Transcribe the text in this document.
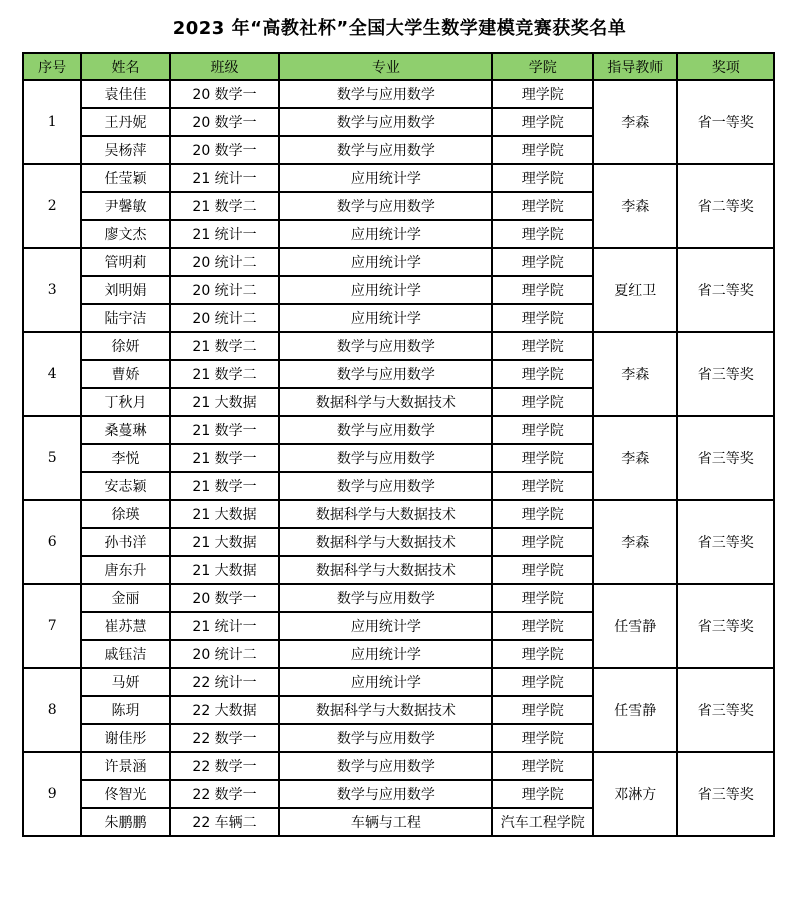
2023 年“高教社杯”全国大学生数学建模竞赛获奖名单
序号	姓名	班级	专业	学院	指导教师	奖项
1	袁佳佳	20 数学一	数学与应用数学	理学院	李森	省一等奖
	王丹妮	20 数学一	数学与应用数学	理学院		
	吴杨萍	20 数学一	数学与应用数学	理学院		
2	任莹颖	21 统计一	应用统计学	理学院	李森	省二等奖
	尹馨敏	21 数学二	数学与应用数学	理学院		
	廖文杰	21 统计一	应用统计学	理学院		
3	管明莉	20 统计二	应用统计学	理学院	夏红卫	省二等奖
	刘明娟	20 统计二	应用统计学	理学院		
	陆宇洁	20 统计二	应用统计学	理学院		
4	徐妍	21 数学二	数学与应用数学	理学院	李森	省三等奖
	曹娇	21 数学二	数学与应用数学	理学院		
	丁秋月	21 大数据	数据科学与大数据技术	理学院		
5	桑蔓琳	21 数学一	数学与应用数学	理学院	李森	省三等奖
	李悦	21 数学一	数学与应用数学	理学院		
	安志颖	21 数学一	数学与应用数学	理学院		
6	徐瑛	21 大数据	数据科学与大数据技术	理学院	李森	省三等奖
	孙书洋	21 大数据	数据科学与大数据技术	理学院		
	唐东升	21 大数据	数据科学与大数据技术	理学院		
7	金丽	20 数学一	数学与应用数学	理学院	任雪静	省三等奖
	崔苏慧	21 统计一	应用统计学	理学院		
	戚钰洁	20 统计二	应用统计学	理学院		
8	马妍	22 统计一	应用统计学	理学院	任雪静	省三等奖
	陈玥	22 大数据	数据科学与大数据技术	理学院		
	谢佳彤	22 数学一	数学与应用数学	理学院		
9	许景涵	22 数学一	数学与应用数学	理学院	邓淋方	省三等奖
	佟智光	22 数学一	数学与应用数学	理学院		
	朱鹏鹏	22 车辆二	车辆与工程	汽车工程学院		
